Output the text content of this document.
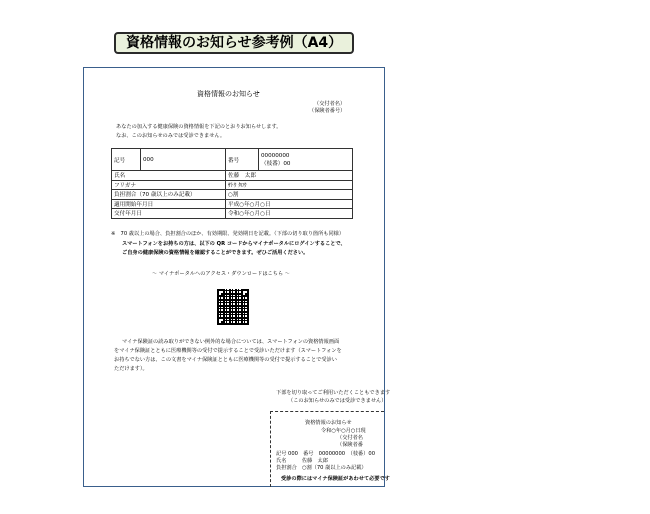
資格情報のお知らせ参考例（A4）
資格情報のお知らせ
（交付者名）
（保険者番号）
あなたの加入する健康保険の資格情報を下記のとおりお知らせします。
なお、このお知らせのみでは受診できません。
記号	000	番号	00000000
（枝番）00

氏名		佐藤　太郎	
フリガナ		ｻﾄｳ ﾀﾛｳ	
負担割合（70 歳以上のみ記載）		○割	
適用開始年月日		平成○年○月○日	
交付年月日		令和○年○月○日	
※　70 歳以上の場合、負担割合のほか、有効期限、発効期日を記載。（下部の切り取り箇所も同様）
スマートフォンをお持ちの方は、以下の QR コードからマイナポータルにログインすることで、
ご自身の健康保険の資格情報を確認することができます。ぜひご活用ください。
～ マイナポータルへのアクセス・ダウンロードはこちら ～
マイナ保険証の読み取りができない例外的な場合については、スマートフォンの資格情報画面
をマイナ保険証とともに医療機関等の受付で提示することで受診いただけます（スマートフォンを
お持ちでない方は、この文書をマイナ保険証とともに医療機関等の受付で提示することで受診い
ただけます）。
下部を切り取ってご利用いただくこともできます
（このお知らせのみでは受診できません）
資格情報のお知らせ
令和○年○月○日現
（交付者名
（保険者番
記号 000　番号　00000000　（枝番）00
氏名　　　佐藤　太郎
負担割合　○割（70 歳以上のみ記載）
受診の際にはマイナ保険証があわせて必要です
